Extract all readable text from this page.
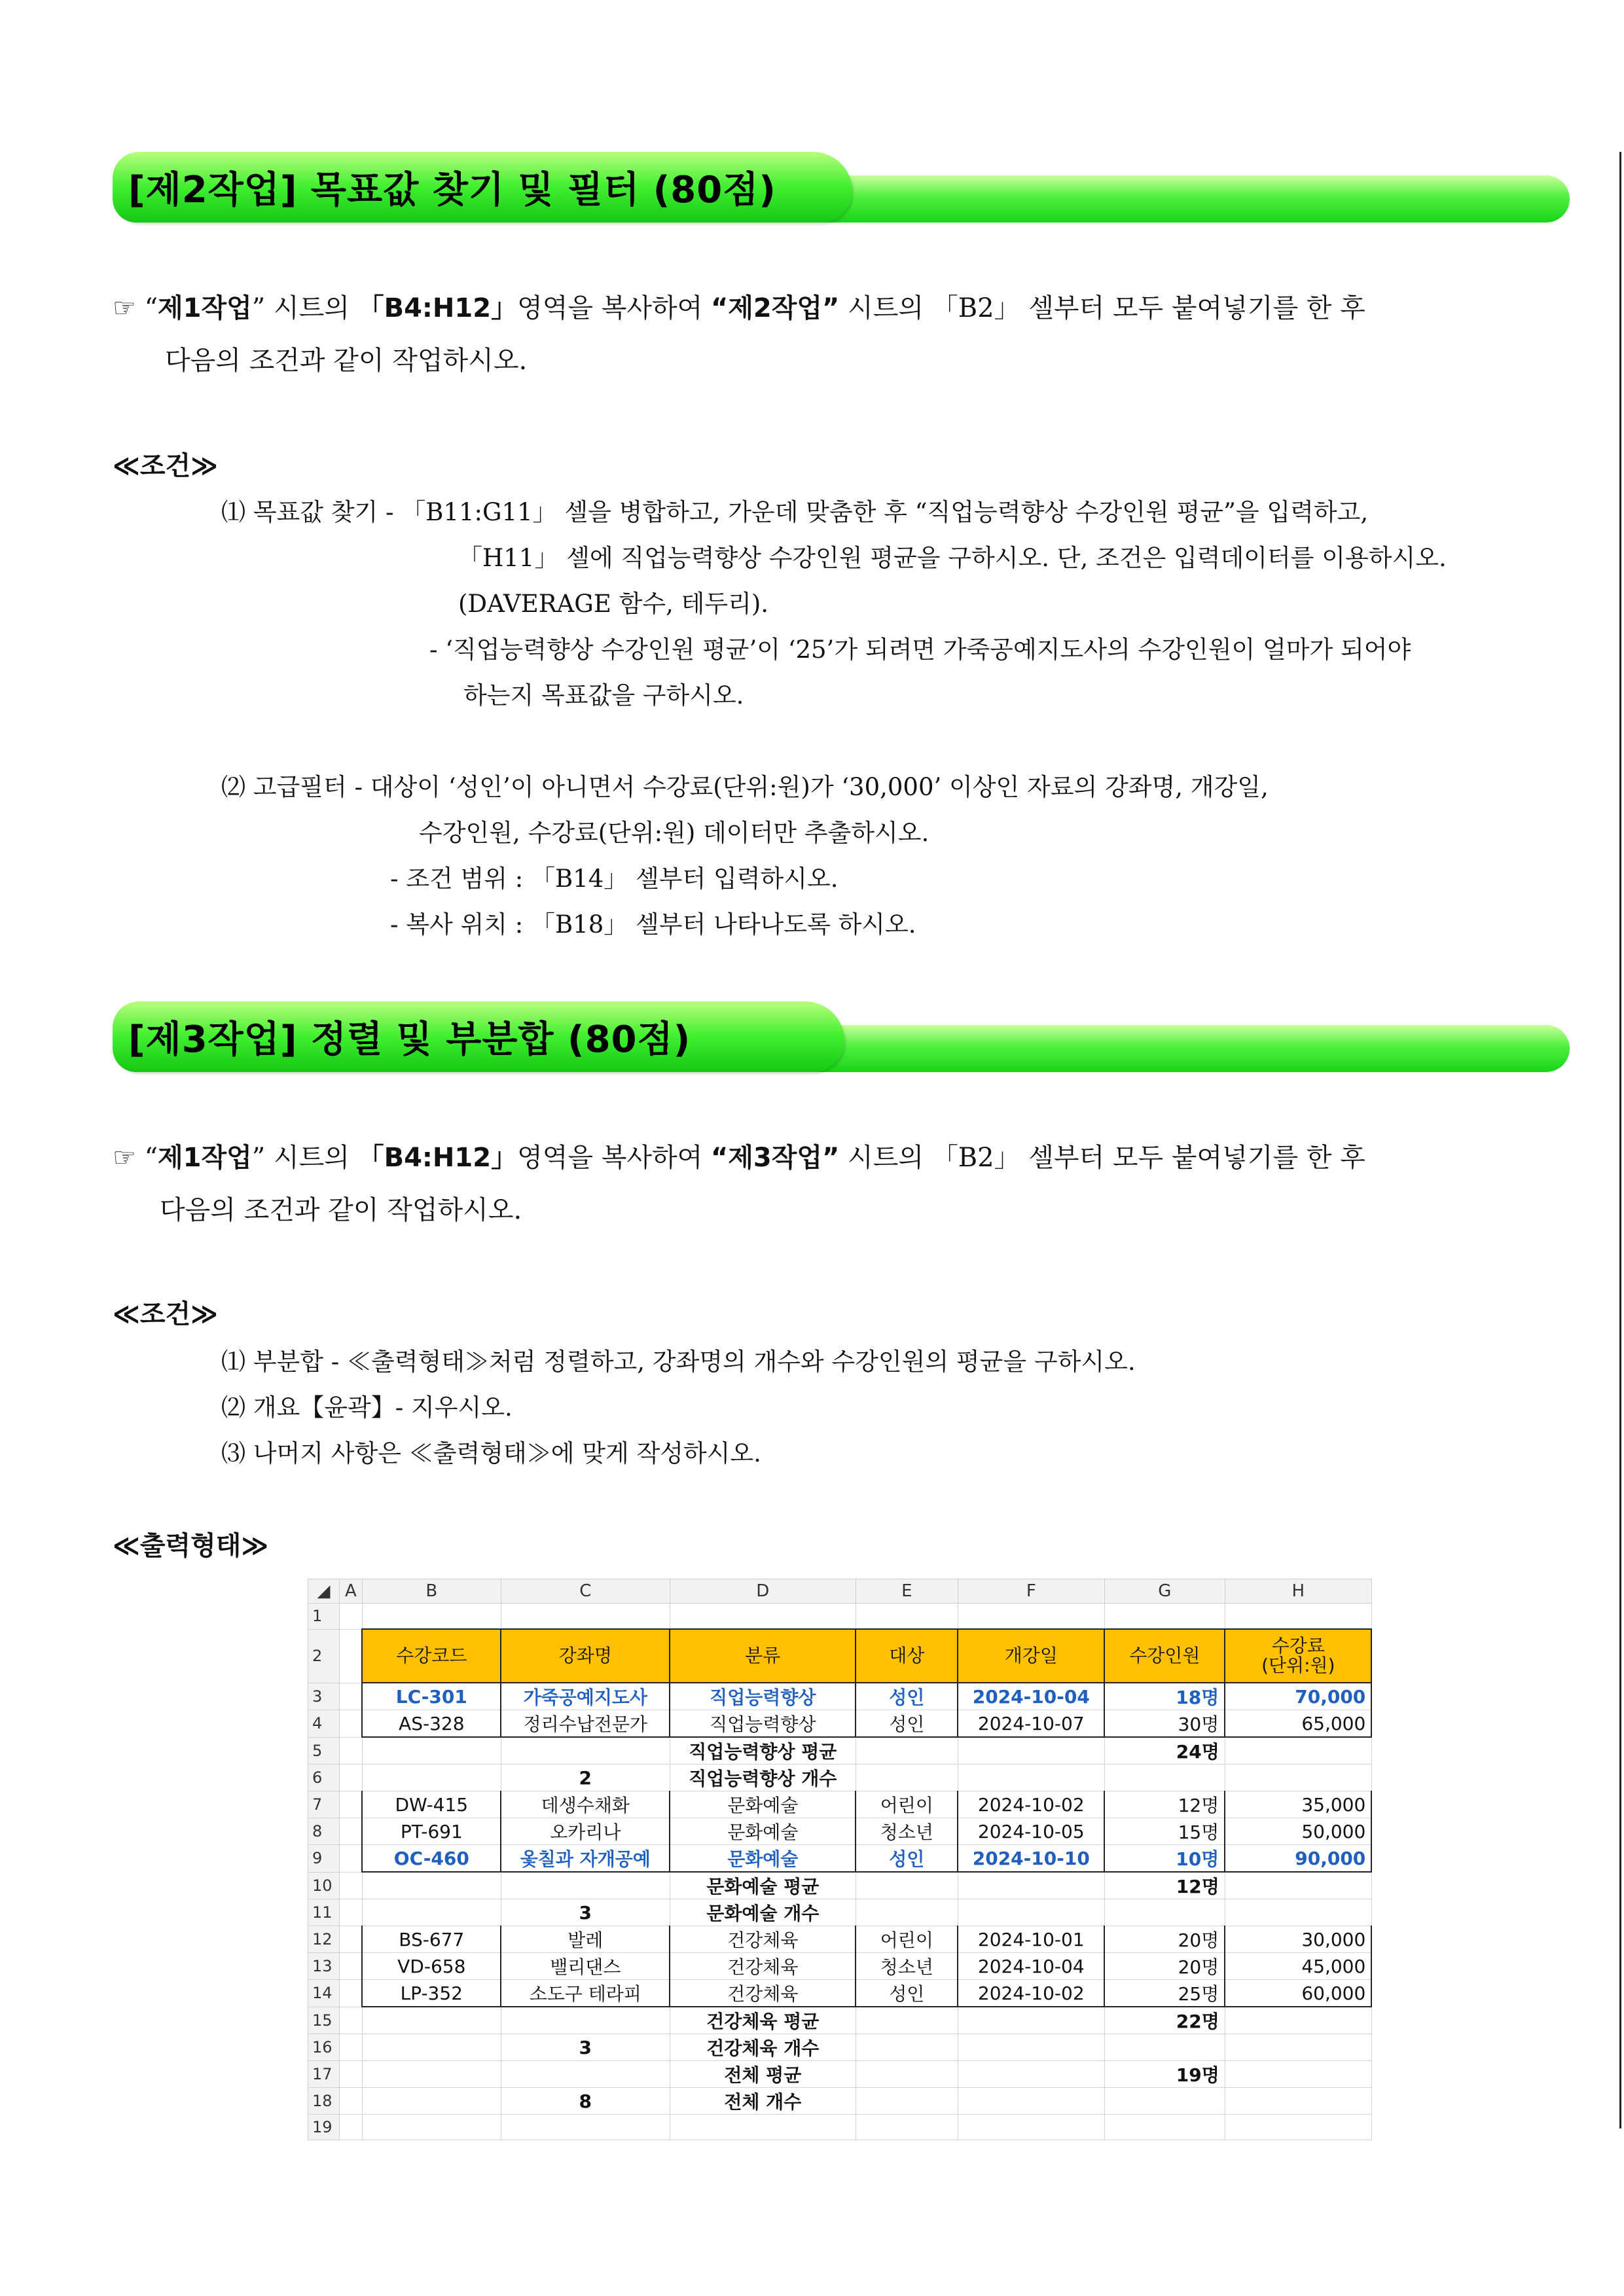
[제2작업] 목표값 찾기 및 필터 (80점)
☞ “제1작업” 시트의 「B4:H12」영역을 복사하여 “제2작업” 시트의 「B2」 셀부터 모두 붙여넣기를 한 후
다음의 조건과 같이 작업하시오.
≪조건≫
⑴ 목표값 찾기 - 「B11:G11」 셀을 병합하고, 가운데 맞춤한 후 “직업능력향상 수강인원 평균”을 입력하고,
「H11」 셀에 직업능력향상 수강인원 평균을 구하시오. 단, 조건은 입력데이터를 이용하시오.
(DAVERAGE 함수, 테두리).
- ‘직업능력향상 수강인원 평균’이 ‘25’가 되려면 가죽공예지도사의 수강인원이 얼마가 되어야
하는지 목표값을 구하시오.
⑵ 고급필터 - 대상이 ‘성인’이 아니면서 수강료(단위:원)가 ‘30,000’ 이상인 자료의 강좌명, 개강일,
수강인원, 수강료(단위:원) 데이터만 추출하시오.
- 조건 범위 : 「B14」 셀부터 입력하시오.
- 복사 위치 : 「B18」 셀부터 나타나도록 하시오.
[제3작업] 정렬 및 부분합 (80점)
☞ “제1작업” 시트의 「B4:H12」영역을 복사하여 “제3작업” 시트의 「B2」 셀부터 모두 붙여넣기를 한 후
다음의 조건과 같이 작업하시오.
≪조건≫
⑴ 부분합 - ≪출력형태≫처럼 정렬하고, 강좌명의 개수와 수강인원의 평균을 구하시오.
⑵ 개요【윤곽】- 지우시오.
⑶ 나머지 사항은 ≪출력형태≫에 맞게 작성하시오.
≪출력형태≫
◢	A	B	C	D	E	F	G	H
1								
2		수강코드	강좌명	분류	대상	개강일	수강인원	수강료
(단위:원)
3		LC-301	가죽공예지도사	직업능력향상	성인	2024-10-04	18명	70,000
4		AS-328	정리수납전문가	직업능력향상	성인	2024-10-07	30명	65,000
5				직업능력향상 평균			24명	
6			2	직업능력향상 개수				
7		DW-415	데생수채화	문화예술	어린이	2024-10-02	12명	35,000
8		PT-691	오카리나	문화예술	청소년	2024-10-05	15명	50,000
9		OC-460	옻칠과 자개공예	문화예술	성인	2024-10-10	10명	90,000
10				문화예술 평균			12명	
11			3	문화예술 개수				
12		BS-677	발레	건강체육	어린이	2024-10-01	20명	30,000
13		VD-658	밸리댄스	건강체육	청소년	2024-10-04	20명	45,000
14		LP-352	소도구 테라피	건강체육	성인	2024-10-02	25명	60,000
15				건강체육 평균			22명	
16			3	건강체육 개수				
17				전체 평균			19명	
18			8	전체 개수				
19								
